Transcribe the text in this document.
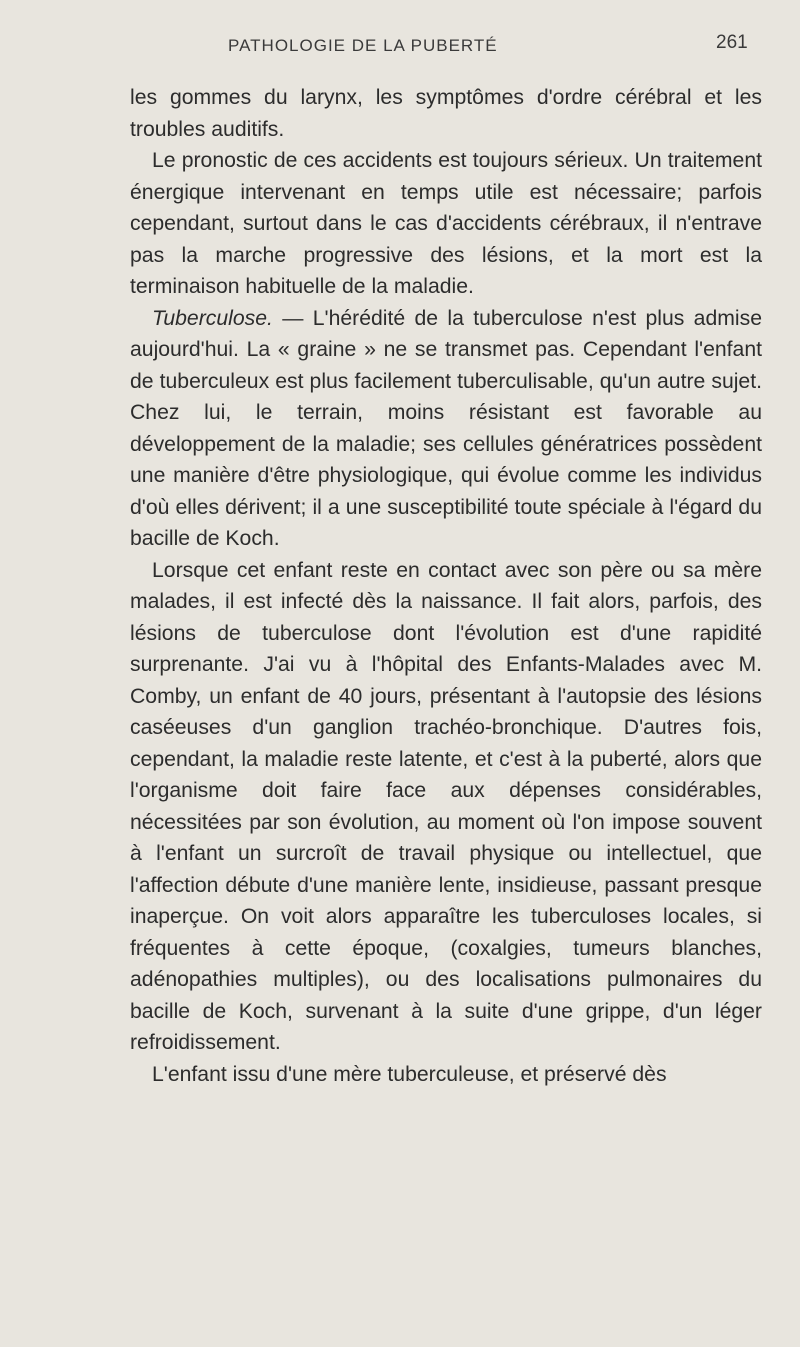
PATHOLOGIE DE LA PUBERTÉ	261

les gommes du larynx, les symptômes d'ordre cérébral et les troubles auditifs.

Le pronostic de ces accidents est toujours sérieux. Un traitement énergique intervenant en temps utile est nécessaire; parfois cependant, surtout dans le cas d'accidents cérébraux, il n'entrave pas la marche progressive des lésions, et la mort est la terminaison habituelle de la maladie.

Tuberculose. — L'hérédité de la tuberculose n'est plus admise aujourd'hui. La « graine » ne se transmet pas. Cependant l'enfant de tuberculeux est plus facilement tuberculisable, qu'un autre sujet. Chez lui, le terrain, moins résistant est favorable au développement de la maladie; ses cellules génératrices possèdent une manière d'être physiologique, qui évolue comme les individus d'où elles dérivent; il a une susceptibilité toute spéciale à l'égard du bacille de Koch.

Lorsque cet enfant reste en contact avec son père ou sa mère malades, il est infecté dès la naissance. Il fait alors, parfois, des lésions de tuberculose dont l'évolution est d'une rapidité surprenante. J'ai vu à l'hôpital des Enfants-Malades avec M. Comby, un enfant de 40 jours, présentant à l'autopsie des lésions caséeuses d'un ganglion trachéo-bronchique. D'autres fois, cependant, la maladie reste latente, et c'est à la puberté, alors que l'organisme doit faire face aux dépenses considérables, nécessitées par son évolution, au moment où l'on impose souvent à l'enfant un surcroît de travail physique ou intellectuel, que l'affection débute d'une manière lente, insidieuse, passant presque inaperçue. On voit alors apparaître les tuberculoses locales, si fréquentes à cette époque, (coxalgies, tumeurs blanches, adénopathies multiples), ou des localisations pulmonaires du bacille de Koch, survenant à la suite d'une grippe, d'un léger refroidissement.

L'enfant issu d'une mère tuberculeuse, et préservé dès
